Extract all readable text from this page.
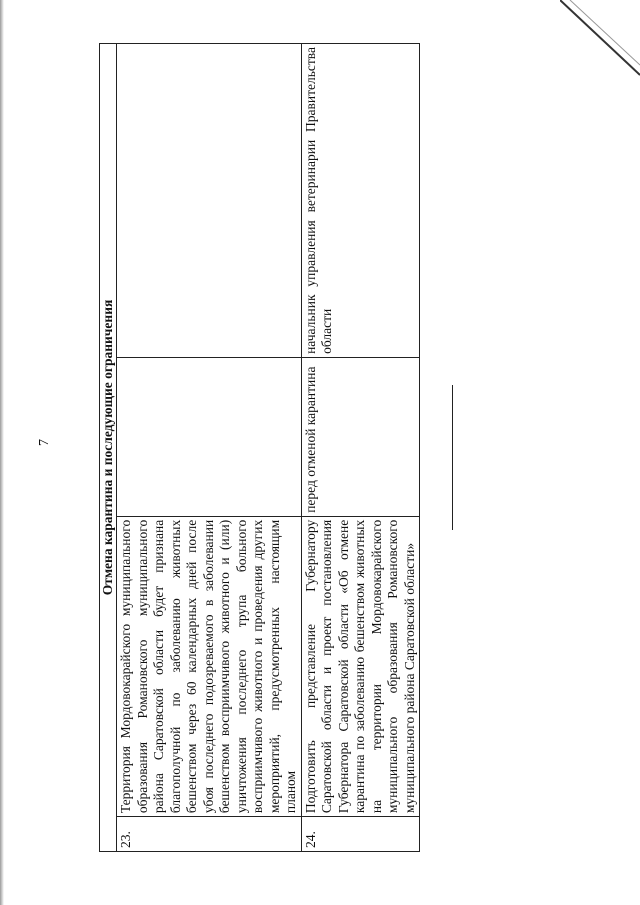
7	Отмена карантина и последующие ограничения			
23.	Территория Мордовокарайского муниципального образования Романовского муниципального района Саратовской области будет признана благополучной по заболеванию животных бешенством через 60 календарных дней после убоя последнего подозреваемого в заболевании бешенством восприимчивого животного и (или) уничтожения последнего трупа больного восприимчивого животного и проведения других мероприятий, предусмотренных настоящим планом		
24.	Подготовить представление Губернатору Саратовской области и проект постановления Губернатора Саратовской области «Об отмене карантина по заболеванию бешенством животных на территории Мордовокарайского муниципального образования Романовского муниципального района Саратовской области»	перед отменой карантина	начальник управления ветеринарии Правительства области
